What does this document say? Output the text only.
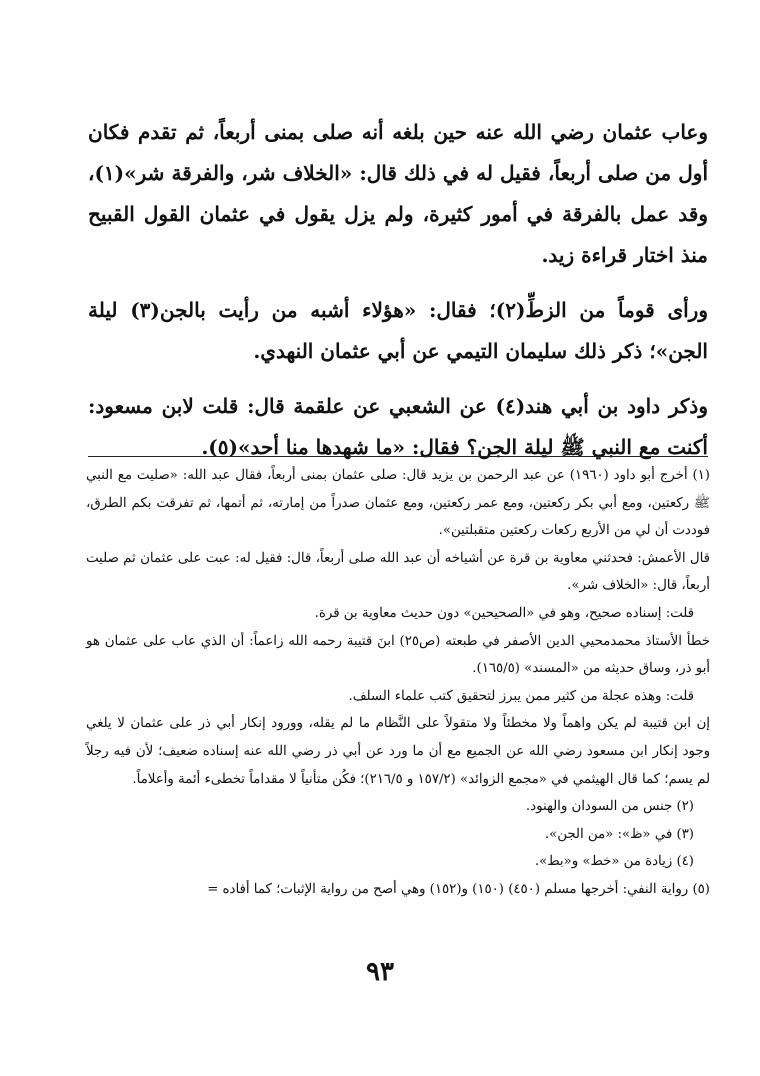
وعاب عثمان رضي الله عنه حين بلغه أنه صلى بمنى أربعاً، ثم تقدم فكان أول من صلى أربعاً، فقيل له في ذلك قال: «الخلاف شر، والفرقة شر»(١)، وقد عمل بالفرقة في أمور كثيرة، ولم يزل يقول في عثمان القول القبيح منذ اختار قراءة زيد.

ورأى قوماً من الزطِّ(٢)؛ فقال: «هؤلاء أشبه من رأيت بالجن(٣) ليلة الجن»؛ ذكر ذلك سليمان التيمي عن أبي عثمان النهدي.

وذكر داود بن أبي هند(٤) عن الشعبي عن علقمة قال: قلت لابن مسعود: أكنت مع النبي ﷺ ليلة الجن؟ فقال: «ما شهدها منا أحد»(٥).

(١) أخرج أبو داود (١٩٦٠) عن عبد الرحمن بن يزيد قال: صلى عثمان بمنى أربعاً، فقال عبد الله: «صليت مع النبي ﷺ ركعتين، ومع أبي بكر ركعتين، ومع عمر ركعتين، ومع عثمان صدراً من إمارته، ثم أتمها، ثم تفرقت بكم الطرق، فوددت أن لي من الأربع ركعات ركعتين متقبلتين».

قال الأعمش: فحدثني معاوية بن قرة عن أشياخه أن عبد الله صلى أربعاً، قال: فقيل له: عبت على عثمان ثم صليت أربعاً، قال: «الخلاف شر».

قلت: إسناده صحيح، وهو في «الصحيحين» دون حديث معاوية بن قرة.

خطأ الأستاذ محمدمحيي الدين الأصفر في طبعته (ص٢٥) ابنَ قتيبة رحمه الله زاعماً: أن الذي عاب على عثمان هو أبو ذر، وساق حديثه من «المسند» (١٦٥/٥).

قلت: وهذه عجلة من كثير ممن يبرز لتحقيق كتب علماء السلف.

إن ابن قتيبة لم يكن واهماً ولا مخطئاً ولا متقولاً على النَّظام ما لم يقله، وورود إنكار أبي ذر على عثمان لا يلغي وجود إنكار ابن مسعود رضي الله عن الجميع مع أن ما ورد عن أبي ذر رضي الله عنه إسناده ضعيف؛ لأن فيه رجلاً لم يسم؛ كما قال الهيثمي في «مجمع الزوائد» (١٥٧/٢ و ٢١٦/٥)؛ فكُن متأنياً لا مقداماً تخطىء أئمة وأعلاماً.

(٢) جنس من السودان والهنود.

(٣) في «ظ»: «من الجن».

(٤) زيادة من «خط» و«بط».

(٥) رواية النفي: أخرجها مسلم (٤٥٠) (١٥٠) و(١٥٢) وهي أصح من رواية الإثبات؛ كما أفاده =

٩٣
